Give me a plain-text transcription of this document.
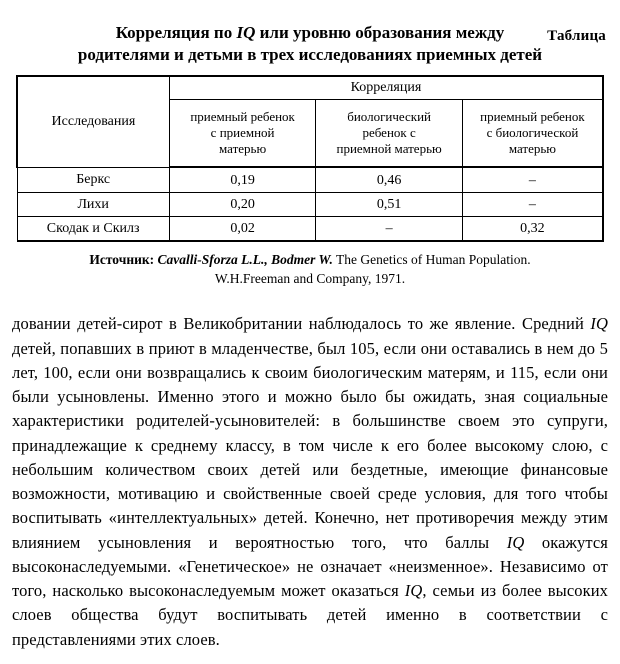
Таблица
Корреляция по IQ или уровню образования между
родителями и детьми в трех исследованиях приемных детей
Исследования	Корреляция		
	приемный ребенок
с приемной
матерью	биологический
ребенок с
приемной матерью	приемный ребенок
с биологической
матерью
Беркс	0,19	0,46	–
Лихи	0,20	0,51	–
Скодак и Скилз	0,02	–	0,32
Источник: Cavalli-Sforza L.L., Bodmer W. The Genetics of Human Population.
W.H.Freeman and Company, 1971.
довании детей-сирот в Великобритании наблюдалось то же явление. Средний IQ детей, попавших в приют в младенчестве, был 105, если они оставались в нем до 5 лет, 100, если они возвращались к своим биологическим матерям, и 115, если они были усыновлены. Именно этого и можно было бы ожидать, зная социальные характеристики родителей-усыновителей: в большинстве своем это супруги, принадлежащие к среднему классу, в том числе к его более высокому слою, с небольшим количеством своих детей или бездетные, имеющие финансовые возможности, мотивацию и свойственные своей среде условия, для того чтобы воспитывать «интеллектуальных» детей. Конечно, нет противоречия между этим влиянием усыновления и вероятностью того, что баллы IQ окажутся высоконаследуемыми. «Генетическое» не означает «неизменное». Независимо от того, насколько высоконаследуемым может оказаться IQ, семьи из более высоких слоев общества будут воспитывать детей именно в соответствии с представлениями этих слоев.
